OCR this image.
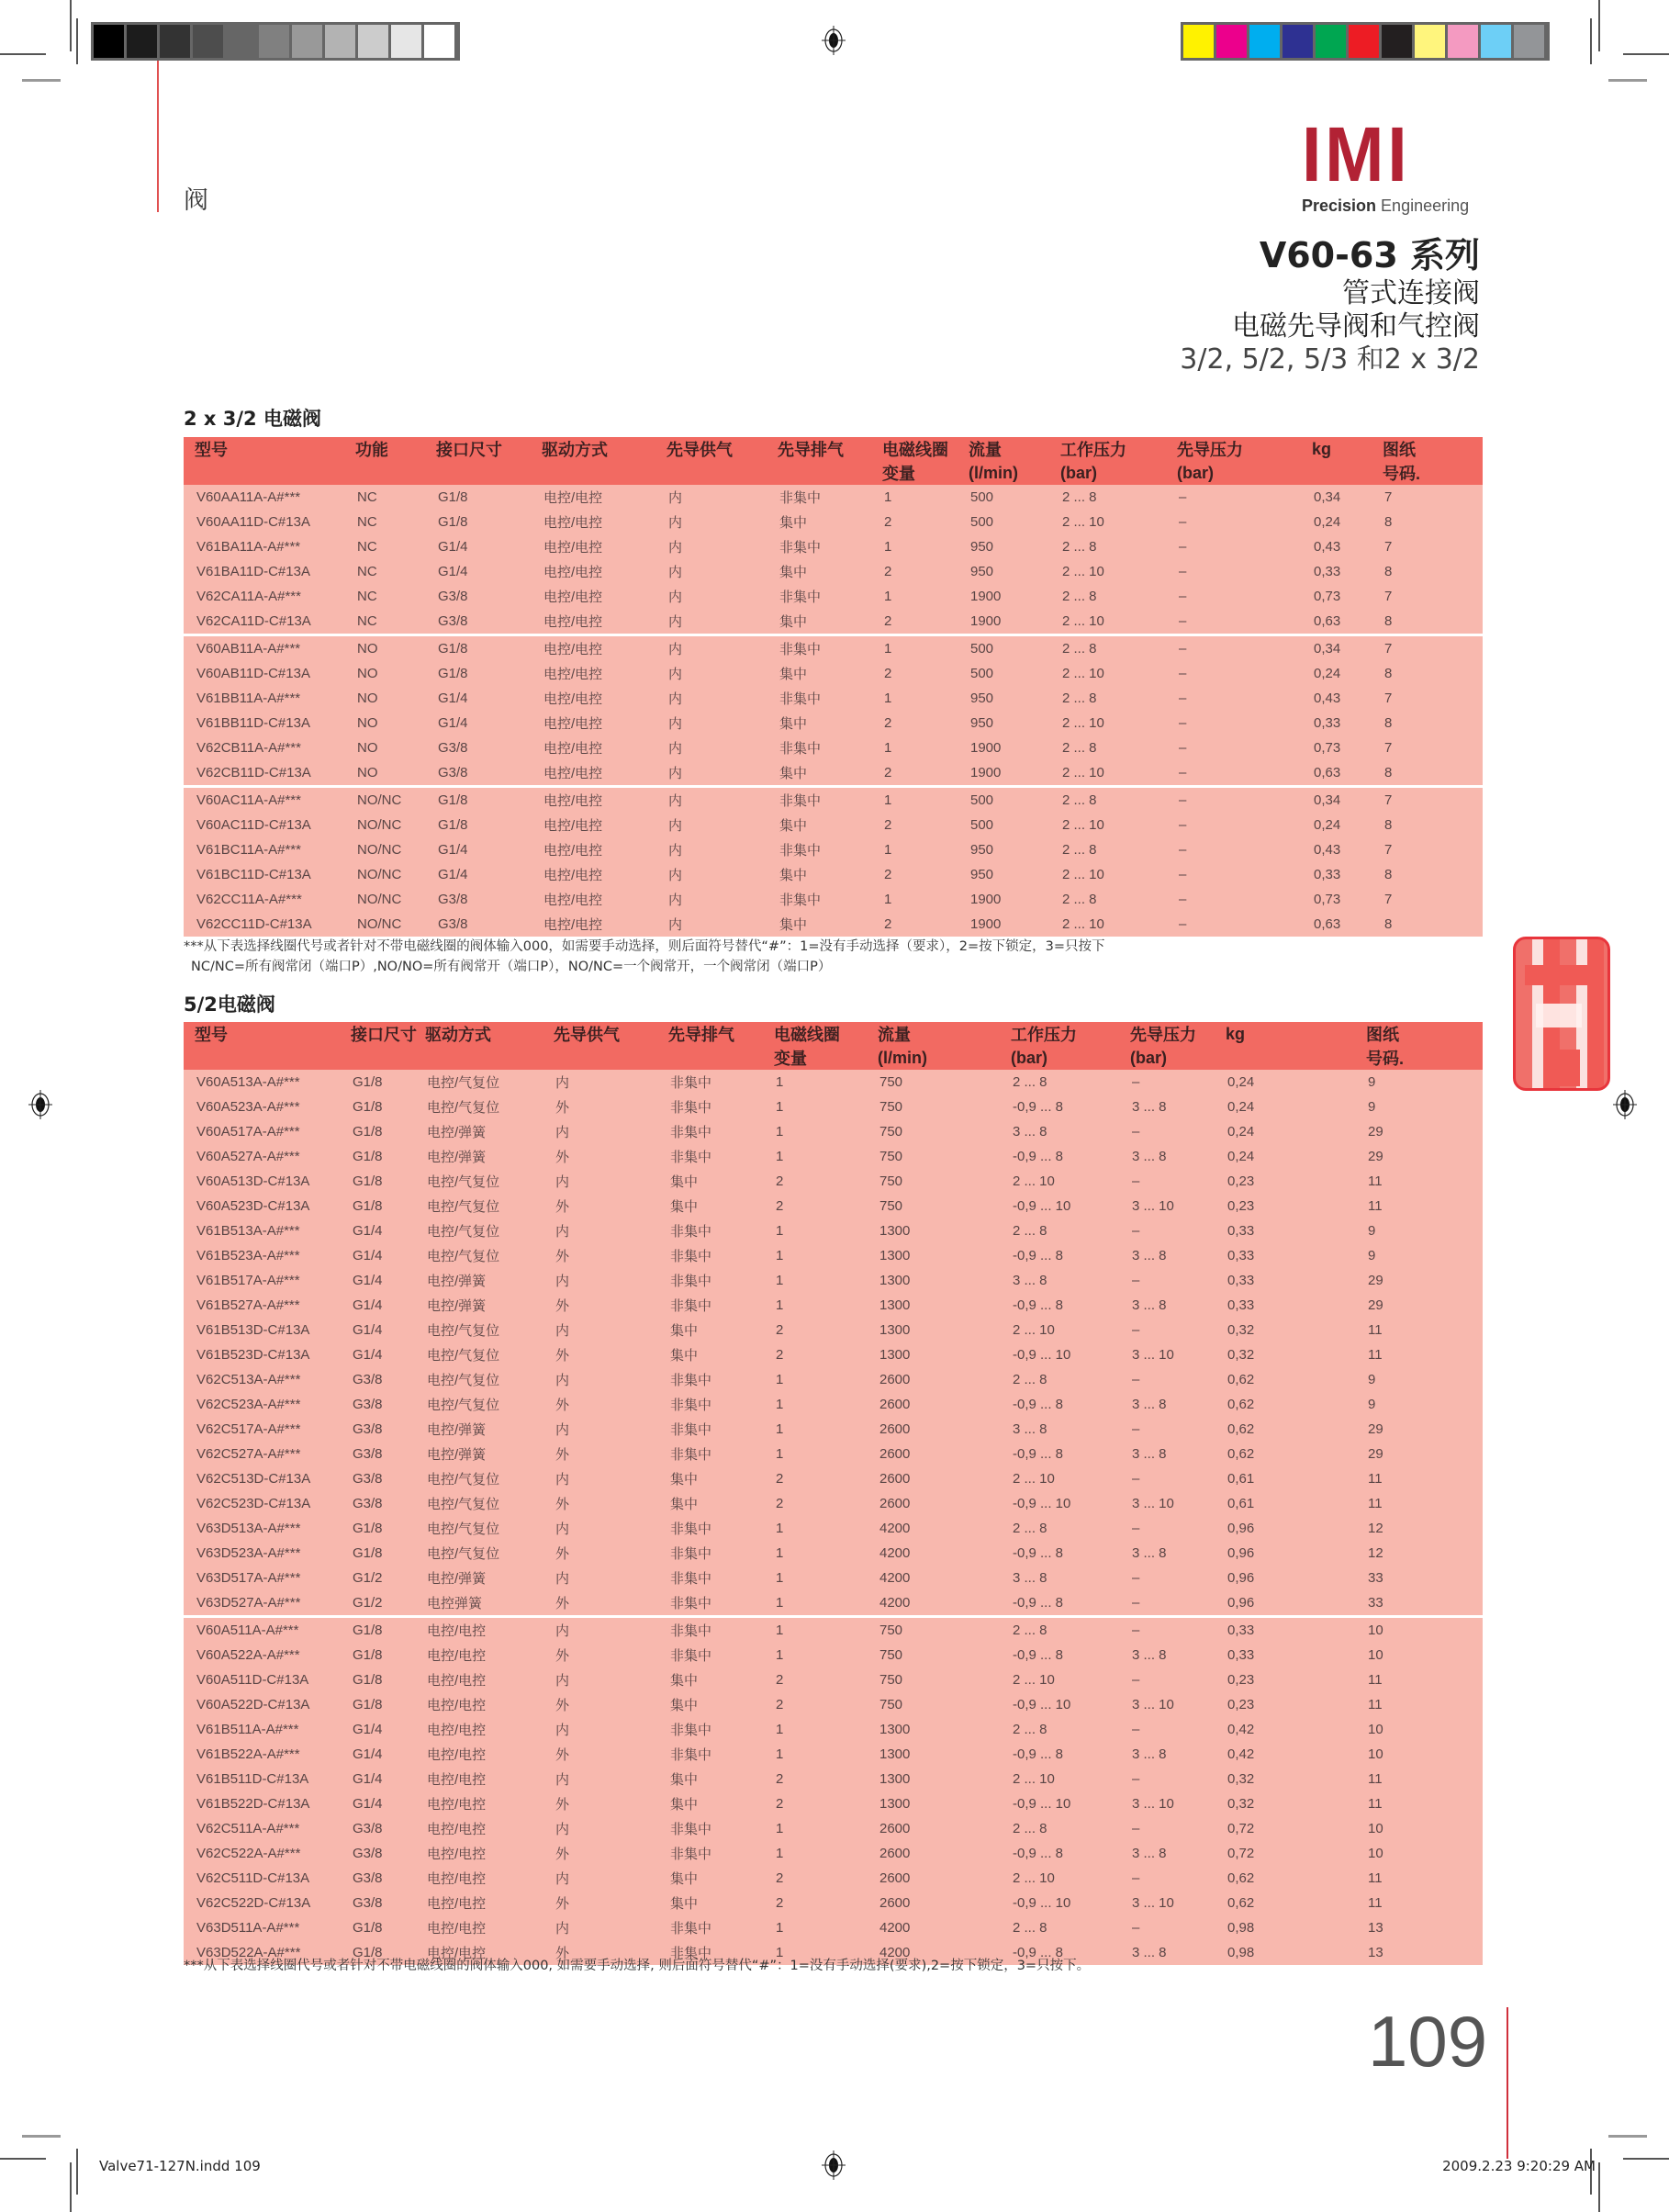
阀
IMI
Precision Engineering
V60-63 系列
管式连接阀
电磁先导阀和气控阀
3/2, 5/2, 5/3 和2 x 3/2
2 x 3/2 电磁阀
型号	功能	接口尺寸	驱动方式	先导供气	先导排气	电磁线圈	流量	工作压力	先导压力	kg	图纸
						变量	(l/min)	(bar)	(bar)		号码.
V60AA11A-A#***	NC	G1/8	电控/电控	内	非集中	1	500	2 ... 8	–	0,34	7
V60AA11D-C#13A	NC	G1/8	电控/电控	内	集中	2	500	2 ... 10	–	0,24	8
V61BA11A-A#***	NC	G1/4	电控/电控	内	非集中	1	950	2 ... 8	–	0,43	7
V61BA11D-C#13A	NC	G1/4	电控/电控	内	集中	2	950	2 ... 10	–	0,33	8
V62CA11A-A#***	NC	G3/8	电控/电控	内	非集中	1	1900	2 ... 8	–	0,73	7
V62CA11D-C#13A	NC	G3/8	电控/电控	内	集中	2	1900	2 ... 10	–	0,63	8
V60AB11A-A#***	NO	G1/8	电控/电控	内	非集中	1	500	2 ... 8	–	0,34	7
V60AB11D-C#13A	NO	G1/8	电控/电控	内	集中	2	500	2 ... 10	–	0,24	8
V61BB11A-A#***	NO	G1/4	电控/电控	内	非集中	1	950	2 ... 8	–	0,43	7
V61BB11D-C#13A	NO	G1/4	电控/电控	内	集中	2	950	2 ... 10	–	0,33	8
V62CB11A-A#***	NO	G3/8	电控/电控	内	非集中	1	1900	2 ... 8	–	0,73	7
V62CB11D-C#13A	NO	G3/8	电控/电控	内	集中	2	1900	2 ... 10	–	0,63	8
V60AC11A-A#***	NO/NC	G1/8	电控/电控	内	非集中	1	500	2 ... 8	–	0,34	7
V60AC11D-C#13A	NO/NC	G1/8	电控/电控	内	集中	2	500	2 ... 10	–	0,24	8
V61BC11A-A#***	NO/NC	G1/4	电控/电控	内	非集中	1	950	2 ... 8	–	0,43	7
V61BC11D-C#13A	NO/NC	G1/4	电控/电控	内	集中	2	950	2 ... 10	–	0,33	8
V62CC11A-A#***	NO/NC	G3/8	电控/电控	内	非集中	1	1900	2 ... 8	–	0,73	7
V62CC11D-C#13A	NO/NC	G3/8	电控/电控	内	集中	2	1900	2 ... 10	–	0,63	8
***从下表选择线圈代号或者针对不带电磁线圈的阀体输入000，如需要手动选择，则后面符号替代“#”：1=没有手动选择（要求），2=按下锁定，3=只按下
NC/NC=所有阀常闭（端口P）,NO/NO=所有阀常开（端口P），NO/NC=一个阀常开，一个阀常闭（端口P）
5/2电磁阀
型号	接口尺寸	驱动方式	先导供气	先导排气	电磁线圈	流量	工作压力	先导压力	kg	图纸
					变量	(l/min)	(bar)	(bar)		号码.
V60A513A-A#***	G1/8	电控/气复位	内	非集中	1	750	2 ... 8	–	0,24	9
V60A523A-A#***	G1/8	电控/气复位	外	非集中	1	750	-0,9 ... 8	3 ... 8	0,24	9
V60A517A-A#***	G1/8	电控/弹簧	内	非集中	1	750	3 ... 8	–	0,24	29
V60A527A-A#***	G1/8	电控/弹簧	外	非集中	1	750	-0,9 ... 8	3 ... 8	0,24	29
V60A513D-C#13A	G1/8	电控/气复位	内	集中	2	750	2 ... 10	–	0,23	11
V60A523D-C#13A	G1/8	电控/气复位	外	集中	2	750	-0,9 ... 10	3 ... 10	0,23	11
V61B513A-A#***	G1/4	电控/气复位	内	非集中	1	1300	2 ... 8	–	0,33	9
V61B523A-A#***	G1/4	电控/气复位	外	非集中	1	1300	-0,9 ... 8	3 ... 8	0,33	9
V61B517A-A#***	G1/4	电控/弹簧	内	非集中	1	1300	3 ... 8	–	0,33	29
V61B527A-A#***	G1/4	电控/弹簧	外	非集中	1	1300	-0,9 ... 8	3 ... 8	0,33	29
V61B513D-C#13A	G1/4	电控/气复位	内	集中	2	1300	2 ... 10	–	0,32	11
V61B523D-C#13A	G1/4	电控/气复位	外	集中	2	1300	-0,9 ... 10	3 ... 10	0,32	11
V62C513A-A#***	G3/8	电控/气复位	内	非集中	1	2600	2 ... 8	–	0,62	9
V62C523A-A#***	G3/8	电控/气复位	外	非集中	1	2600	-0,9 ... 8	3 ... 8	0,62	9
V62C517A-A#***	G3/8	电控/弹簧	内	非集中	1	2600	3 ... 8	–	0,62	29
V62C527A-A#***	G3/8	电控/弹簧	外	非集中	1	2600	-0,9 ... 8	3 ... 8	0,62	29
V62C513D-C#13A	G3/8	电控/气复位	内	集中	2	2600	2 ... 10	–	0,61	11
V62C523D-C#13A	G3/8	电控/气复位	外	集中	2	2600	-0,9 ... 10	3 ... 10	0,61	11
V63D513A-A#***	G1/8	电控/气复位	内	非集中	1	4200	2 ... 8	–	0,96	12
V63D523A-A#***	G1/8	电控/气复位	外	非集中	1	4200	-0,9 ... 8	3 ... 8	0,96	12
V63D517A-A#***	G1/2	电控/弹簧	内	非集中	1	4200	3 ... 8	–	0,96	33
V63D527A-A#***	G1/2	电控弹簧	外	非集中	1	4200	-0,9 ... 8	–	0,96	33
V60A511A-A#***	G1/8	电控/电控	内	非集中	1	750	2 ... 8	–	0,33	10
V60A522A-A#***	G1/8	电控/电控	外	非集中	1	750	-0,9 ... 8	3 ... 8	0,33	10
V60A511D-C#13A	G1/8	电控/电控	内	集中	2	750	2 ... 10	–	0,23	11
V60A522D-C#13A	G1/8	电控/电控	外	集中	2	750	-0,9 ... 10	3 ... 10	0,23	11
V61B511A-A#***	G1/4	电控/电控	内	非集中	1	1300	2 ... 8	–	0,42	10
V61B522A-A#***	G1/4	电控/电控	外	非集中	1	1300	-0,9 ... 8	3 ... 8	0,42	10
V61B511D-C#13A	G1/4	电控/电控	内	集中	2	1300	2 ... 10	–	0,32	11
V61B522D-C#13A	G1/4	电控/电控	外	集中	2	1300	-0,9 ... 10	3 ... 10	0,32	11
V62C511A-A#***	G3/8	电控/电控	内	非集中	1	2600	2 ... 8	–	0,72	10
V62C522A-A#***	G3/8	电控/电控	外	非集中	1	2600	-0,9 ... 8	3 ... 8	0,72	10
V62C511D-C#13A	G3/8	电控/电控	内	集中	2	2600	2 ... 10	–	0,62	11
V62C522D-C#13A	G3/8	电控/电控	外	集中	2	2600	-0,9 ... 10	3 ... 10	0,62	11
V63D511A-A#***	G1/8	电控/电控	内	非集中	1	4200	2 ... 8	–	0,98	13
V63D522A-A#***	G1/8	电控/电控	外	非集中	1	4200	-0,9 ... 8	3 ... 8	0,98	13
***从下表选择线圈代号或者针对不带电磁线圈的阀体输入000, 如需要手动选择, 则后面符号替代“#”：1=没有手动选择(要求),2=按下锁定，3=只按下。
109
Valve71-127N.indd 109	2009.2.23 9:20:29 AM
